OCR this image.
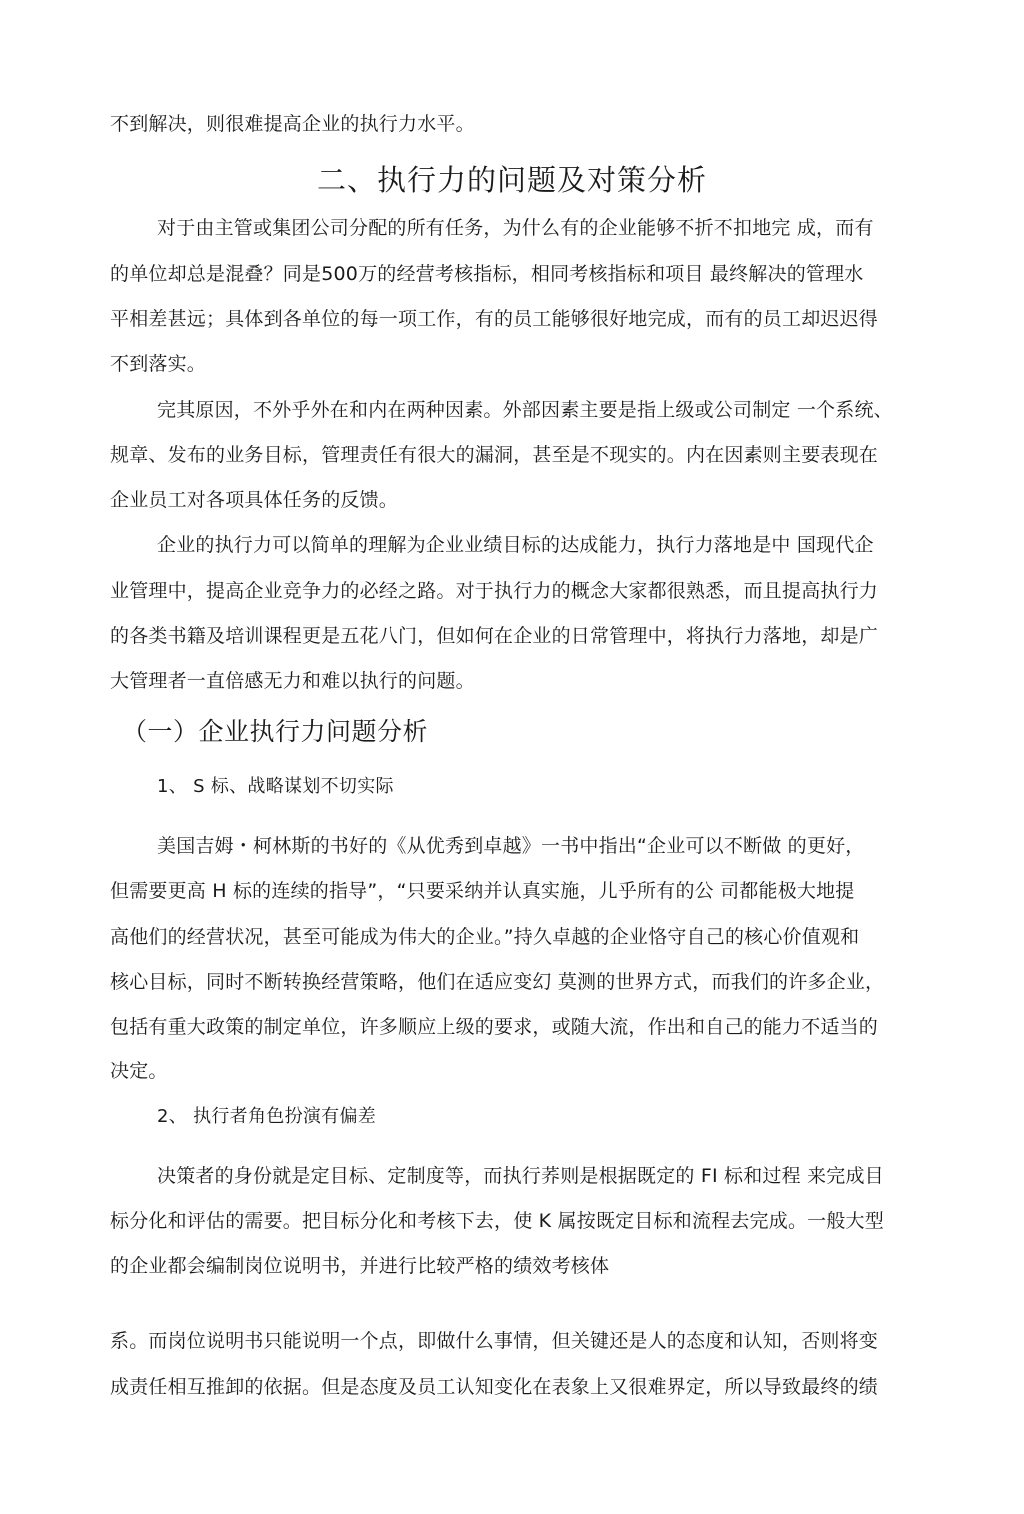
不到解决，则很难提高企业的执行力水平。
二、执行力的问题及对策分析
对于由主管或集团公司分配的所有任务，为什么有的企业能够不折不扣地完 成，而有
的单位却总是混叠？同是500万的经营考核指标，相同考核指标和项目 最终解决的管理水
平相差甚远；具体到各单位的每一项工作，有的员工能够很好地完成，而有的员工却迟迟得
不到落实。
完其原因，不外乎外在和内在两种因素。外部因素主要是指上级或公司制定 一个系统、
规章、发布的业务目标，管理责任有很大的漏洞，甚至是不现实的。内在因素则主要表现在
企业员工对各项具体任务的反馈。
企业的执行力可以简单的理解为企业业绩目标的达成能力，执行力落地是中 国现代企
业管理中，提高企业竞争力的必经之路。对于执行力的概念大家都很熟悉，而且提高执行力
的各类书籍及培训课程更是五花八门，但如何在企业的日常管理中，将执行力落地，却是广
大管理者一直倍感无力和难以执行的问题。
（一）企业执行力问题分析
1、 S 标、战略谋划不切实际
美国吉姆・柯林斯的书好的《从优秀到卓越》一书中指出“企业可以不断做 的更好，
但需要更高 H 标的连续的指导”，“只要采纳并认真实施，儿乎所有的公 司都能极大地提
高他们的经营状况，甚至可能成为伟大的企业。”持久卓越的企业恪守自己的核心价值观和
核心目标，同时不断转换经营策略，他们在适应变幻 莫测的世界方式，而我们的许多企业，
包括有重大政策的制定单位，许多顺应上级的要求，或随大流，作出和自己的能力不适当的
决定。
2、 执行者角色扮演有偏差
决策者的身份就是定目标、定制度等，而执行荞则是根据既定的 FI 标和过程 来完成目
标分化和评估的需要。把目标分化和考核下去，使 K 属按既定目标和流程去完成。一般大型
的企业都会编制岗位说明书，并进行比较严格的绩效考核体
系。而岗位说明书只能说明一个点，即做什么事情，但关键还是人的态度和认知，否则将变
成责任相互推卸的依据。但是态度及员工认知变化在表象上又很难界定，所以导致最终的绩
